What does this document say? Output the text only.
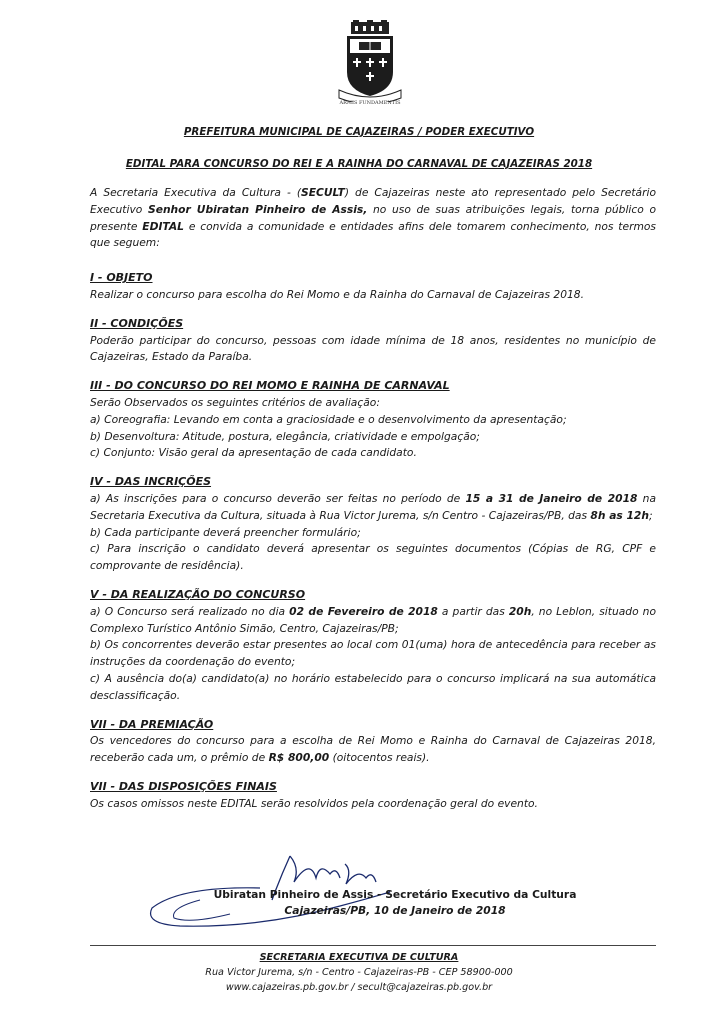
ARMIS FUNDAMENTIS
PREFEITURA MUNICIPAL DE CAJAZEIRAS / PODER EXECUTIVO
EDITAL PARA CONCURSO DO REI E A RAINHA DO CARNAVAL DE CAJAZEIRAS 2018

A Secretaria Executiva da Cultura - (SECULT) de Cajazeiras neste ato representado pelo Secretário Executivo Senhor Ubiratan Pinheiro de Assis, no uso de suas atribuições legais, torna público o presente EDITAL e convida a comunidade e entidades afins dele tomarem conhecimento, nos termos que seguem:

I - OBJETO

Realizar o concurso para escolha do Rei Momo e da Rainha do Carnaval de Cajazeiras 2018.

II - CONDIÇÕES

Poderão participar do concurso, pessoas com idade mínima de 18 anos, residentes no município de Cajazeiras, Estado da Paraíba.

III - DO CONCURSO DO REI MOMO E RAINHA DE CARNAVAL

Serão Observados os seguintes critérios de avaliação:

a) Coreografia: Levando em conta a graciosidade e o desenvolvimento da apresentação;

b) Desenvoltura: Atitude, postura, elegância, criatividade e empolgação;

c) Conjunto: Visão geral da apresentação de cada candidato.

IV - DAS INCRIÇÕES

a) As inscrições para o concurso deverão ser feitas no período de 15 a 31 de Janeiro de 2018 na Secretaria Executiva da Cultura, situada à Rua Victor Jurema, s/n Centro - Cajazeiras/PB, das 8h as 12h;

b) Cada participante deverá preencher formulário;

c) Para inscrição o candidato deverá apresentar os seguintes documentos (Cópias de RG, CPF e comprovante de residência).

V - DA REALIZAÇÃO DO CONCURSO

a) O Concurso será realizado no dia 02 de Fevereiro de 2018 a partir das 20h, no Leblon, situado no Complexo Turístico Antônio Simão, Centro, Cajazeiras/PB;

b) Os concorrentes deverão estar presentes ao local com 01(uma) hora de antecedência para receber as instruções da coordenação do evento;

c) A ausência do(a) candidato(a) no horário estabelecido para o concurso implicará na sua automática desclassificação.

VII - DA PREMIAÇÃO

Os vencedores do concurso para a escolha de Rei Momo e Rainha do Carnaval de Cajazeiras 2018, receberão cada um, o prêmio de R$ 800,00 (oitocentos reais).

VII - DAS DISPOSIÇÕES FINAIS

Os casos omissos neste EDITAL serão resolvidos pela coordenação geral do evento.

Ubiratan Pinheiro de Assis - Secretário Executivo da Cultura
Cajazeiras/PB, 10 de Janeiro de 2018
SECRETARIA EXECUTIVA DE CULTURA
Rua Victor Jurema, s/n - Centro - Cajazeiras-PB - CEP 58900-000
www.cajazeiras.pb.gov.br / secult@cajazeiras.pb.gov.br
